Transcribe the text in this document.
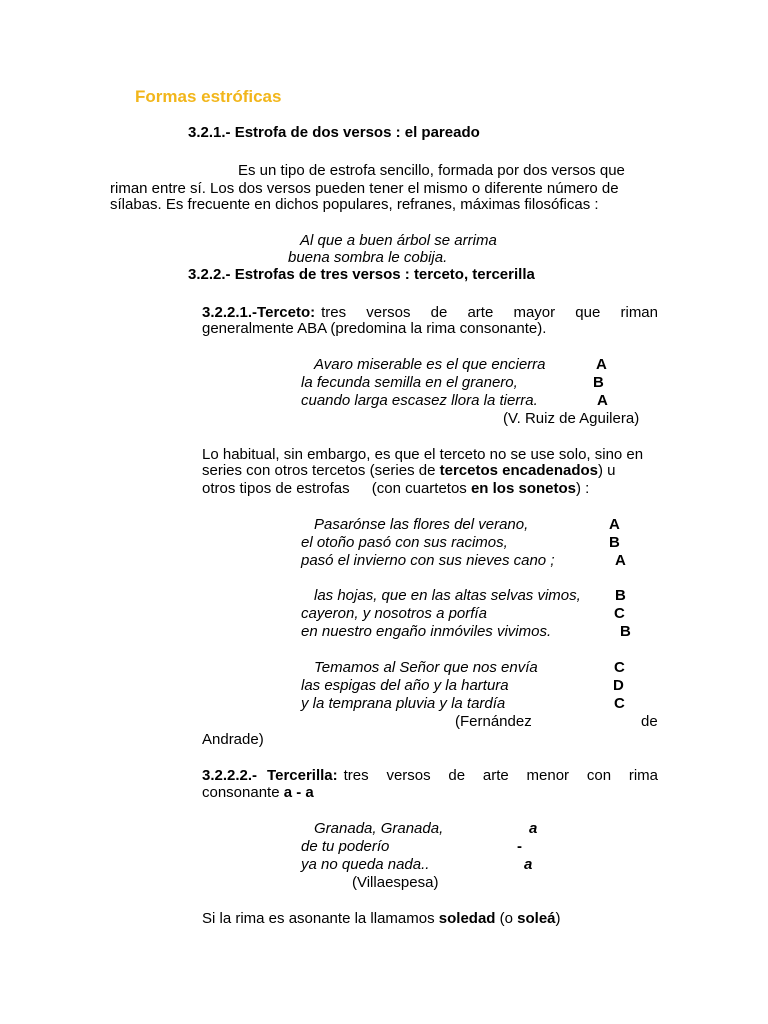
Formas estróficas
3.2.1.- Estrofa de dos versos : el pareado
Es un tipo de estrofa sencillo, formada por dos versos que
riman entre sí. Los dos versos pueden tener el mismo o diferente número de
sílabas. Es frecuente en dichos populares, refranes, máximas filosóficas :
Al que a buen árbol se arrima
buena sombra le cobija.
3.2.2.- Estrofas de tres versos : terceto, tercerilla
3.2.2.1.- Terceto: tres versos de arte mayor que riman
generalmente ABA (predomina la rima consonante).
Avaro miserable es el que encierra	A
la fecunda semilla en el granero,	B
cuando larga escasez llora la tierra.	A
(V. Ruiz de Aguilera)
Lo habitual, sin embargo, es que el terceto no se use solo, sino en
series con otros tercetos (series de tercetos encadenados) u
otros tipos de estrofas (con cuartetos en los sonetos) :
Pasarónse las flores del verano,	A
el otoño pasó con sus racimos,	B
pasó el invierno con sus nieves cano ;	A
las hojas, que en las altas selvas vimos, B
cayeron, y nosotros a porfía	C
en nuestro engaño inmóviles vivimos.	B
Temamos al Señor que nos envía	C
las espigas del año y la hartura	D
y la temprana pluvia y la tardía	C
(Fernández	de
Andrade)
3.2.2.2.- Tercerilla: tres versos de arte menor con rima
consonante a - a
Granada, Granada,	a
de tu poderío	-
ya no queda nada..	a
(Villaespesa)
Si la rima es asonante la llamamos soledad (o soleá)
